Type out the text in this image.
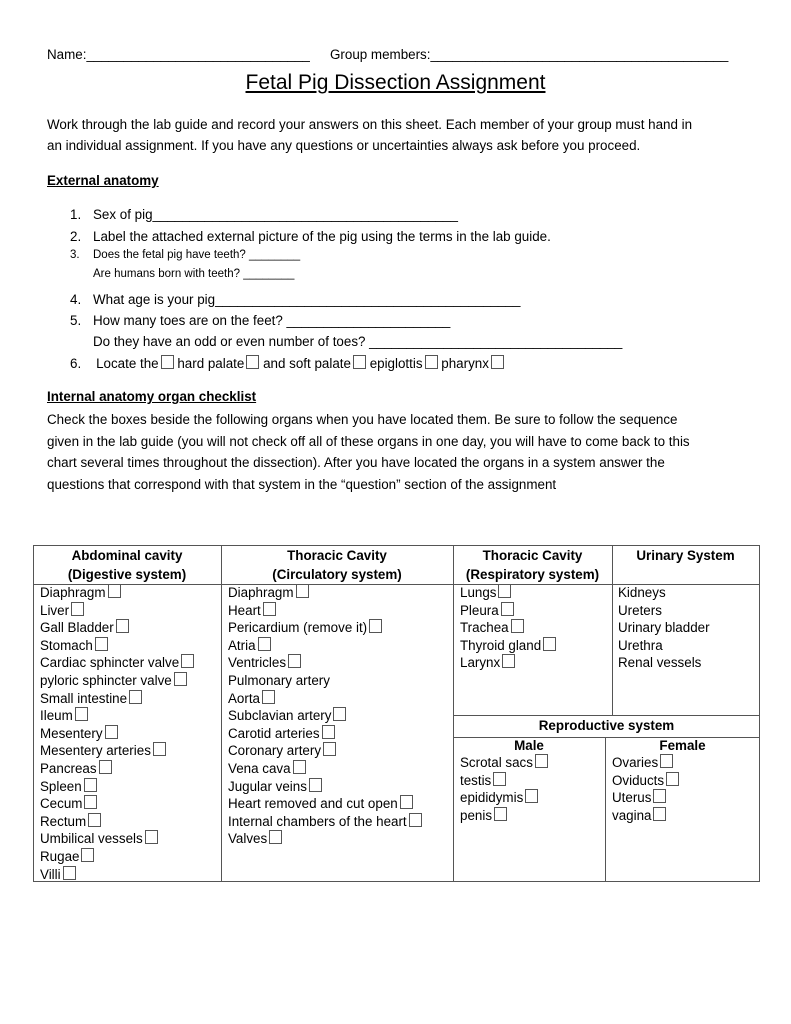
Name:______________________________ Group members:________________________________________
Fetal Pig Dissection Assignment
Work through the lab guide and record your answers on this sheet. Each member of your group must hand in
an individual assignment. If you have any questions or uncertainties always ask before you proceed.
External anatomy
1. Sex of pig_________________________________________
2. Label the attached external picture of the pig using the terms in the lab guide.
3. Does the fetal pig have teeth? ________
Are humans born with teeth? ________
4. What age is your pig_________________________________________
5. How many toes are on the feet? ______________________
Do they have an odd or even number of toes? __________________________________
6. Locate the hard palate and soft palate epiglottis pharynx
Internal anatomy organ checklist
Check the boxes beside the following organs when you have located them. Be sure to follow the sequence
given in the lab guide (you will not check off all of these organs in one day, you will have to come back to this
chart several times throughout the dissection). After you have located the organs in a system answer the
questions that correspond with that system in the “question” section of the assignment
Abdominal cavity
(Digestive system)
Thoracic Cavity
(Circulatory system)
Thoracic Cavity
(Respiratory system)
Urinary System
Reproductive system
Male	Female
Diaphragm
Liver
Gall Bladder
Stomach
Cardiac sphincter valve
pyloric sphincter valve
Small intestine
Ileum
Mesentery
Mesentery arteries
Pancreas
Spleen
Cecum
Rectum
Umbilical vessels
Rugae
Villi
Diaphragm
Heart
Pericardium (remove it)
Atria
Ventricles
Pulmonary artery
Aorta
Subclavian artery
Carotid arteries
Coronary artery
Vena cava
Jugular veins
Heart removed and cut open
Internal chambers of the heart
Valves
Lungs
Pleura
Trachea
Thyroid gland
Larynx
Kidneys
Ureters
Urinary bladder
Urethra
Renal vessels
Scrotal sacs
testis
epididymis
penis
Ovaries
Oviducts
Uterus
vagina
